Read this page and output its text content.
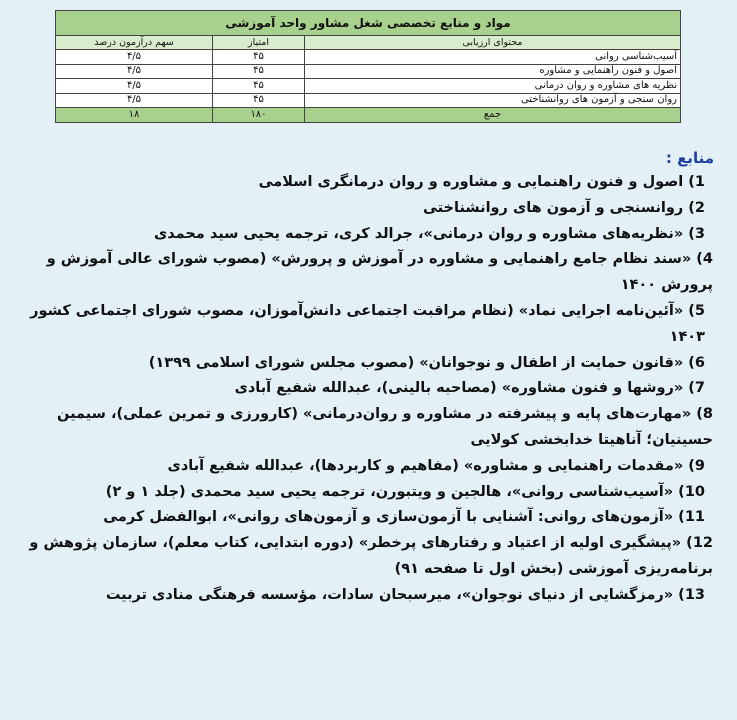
مواد و منابع تخصصی شغل مشاور واحد آموزشی		
محتوای ارزیابی	امتیاز	سهم درآزمون درصد
آسیب‌شناسی روانی	۴۵	۴/۵
اصول و فنون راهنمایی و مشاوره	۴۵	۴/۵
نظریه های مشاوره و روان درمانی	۴۵	۴/۵
روان سنجی و آزمون های روانشناختی	۴۵	۴/۵
جمع	۱۸۰	۱۸
منابع :
1) اصول و فنون راهنمایی و مشاوره و روان درمانگری اسلامی
2) روانسنجی و آزمون های روانشناختی
3) «نظریه‌های مشاوره و روان درمانی»، جرالد کری، ترجمه یحیی سید محمدی
4) «سند نظام جامع راهنمایی و مشاوره در آموزش و پرورش» (مصوب شورای عالی آموزش و پرورش ۱۴۰۰
5) «آئین‌نامه اجرایی نماد» (نظام مراقبت اجتماعی دانش‌آموزان، مصوب شورای اجتماعی کشور ۱۴۰۳
6) «قانون حمایت از اطفال و نوجوانان» (مصوب مجلس شورای اسلامی ۱۳۹۹)
7) «روشها و فنون مشاوره» (مصاحبه بالینی)، عبدالله شفیع آبادی
8) «مهارت‌های پایه و پیشرفته در مشاوره و روان‌درمانی» (کارورزی و تمرین عملی)، سیمین حسینیان؛ آناهیتا خدابخشی کولایی
9) «مقدمات راهنمایی و مشاوره» (مفاهیم و کاربردها)، عبدالله شفیع آبادی
10) «آسیب‌شناسی روانی»، هالجین و ویتبورن، ترجمه یحیی سید محمدی (جلد ۱ و ۲)
11) «آزمون‌های روانی: آشنایی با آزمون‌سازی و آزمون‌های روانی»، ابوالفضل کرمی
12) «پیشگیری اولیه از اعتیاد و رفتارهای پرخطر» (دوره ابتدایی، کتاب معلم)، سازمان پژوهش و برنامه‌ریزی آموزشی (بخش اول تا صفحه ۹۱)
13) «رمزگشایی از دنیای نوجوان»، میرسبحان سادات، مؤسسه فرهنگی منادی تربیت
